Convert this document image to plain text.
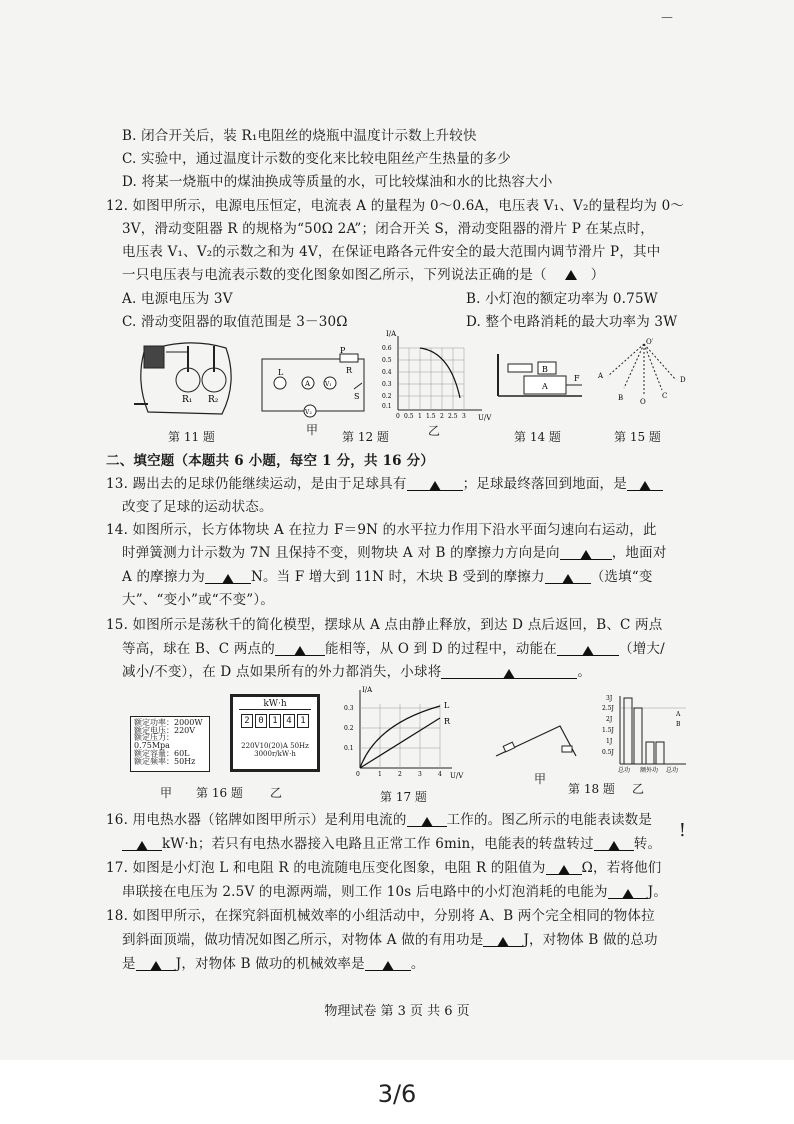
－
B. 闭合开关后，装 R₁电阻丝的烧瓶中温度计示数上升较快
C. 实验中，通过温度计示数的变化来比较电阻丝产生热量的多少
D. 将某一烧瓶中的煤油换成等质量的水，可比较煤油和水的比热容大小
12. 如图甲所示，电源电压恒定，电流表 A 的量程为 0～0.6A，电压表 V₁、V₂的量程均为 0～
3V，滑动变阻器 R 的规格为“50Ω 2A”；闭合开关 S，滑动变阻器的滑片 P 在某点时，
电压表 V₁、V₂的示数之和为 4V，在保证电路各元件安全的最大范围内调节滑片 P，其中
一只电压表与电流表示数的变化图象如图乙所示，下列说法正确的是（	）
A. 电源电压为 3V	B. 小灯泡的额定功率为 0.75W
C. 滑动变阻器的取值范围是 3－30Ω	D. 整个电路消耗的最大功率为 3W
R₁ R₂
第 11 题
L
A V₁
V₂
R
P
S
甲 第 12 题
I/A
U/V
0.6
0.5
0.4
0.3
0.2
0.1
0 0.5 1 1.5 2 2.5 3
乙
B
A
F
第 14 题
O′
A
B	C
D
O
第 15 题
二、填空题（本题共 6 小题，每空 1 分，共 16 分）
13. 踢出去的足球仍能继续运动，是由于足球具有	；足球最终落回到地面，是
改变了足球的运动状态。
14. 如图所示，长方体物块 A 在拉力 F＝9N 的水平拉力作用下沿水平面匀速向右运动，此
时弹簧测力计示数为 7N 且保持不变，则物块 A 对 B 的摩擦力方向是向	，地面对
A 的摩擦力为	N。当 F 增大到 11N 时，木块 B 受到的摩擦力	（选填“变
大”、“变小”或“不变”）。
15. 如图所示是荡秋千的简化模型，摆球从 A 点由静止释放，到达 D 点后返回，B、C 两点
等高，球在 B、C 两点的	能相等，从 O 到 D 的过程中，动能在	（增大/
减小/不变），在 D 点如果所有的外力都消失，小球将	。
额定功率：2000W
额定电压：220V
额定压力：0.75Mpa
额定容量：60L
额定频率：50Hz
kW·h
2 0 1 4 1
220V10(20)A 50Hz
3000r/kW·h
甲 第 16 题 乙
I/A
U/V
L
R
0.3
0.2
0.1
0	1	2	3	4
第 17 题
甲
第 18 题
3J
2.5J
2J
1.5J
1J
0.5J
总功 额外功 总功
A
B
乙
16. 用电热水器（铭牌如图甲所示）是利用电流的	工作的。图乙所示的电能表读数是
kW·h；若只有电热水器接入电路且正常工作 6min，电能表的转盘转过	转。
17. 如图是小灯泡 L 和电阻 R 的电流随电压变化图象，电阻 R 的阻值为	Ω，若将他们
串联接在电压为 2.5V 的电源两端，则工作 10s 后电路中的小灯泡消耗的电能为	J。
18. 如图甲所示，在探究斜面机械效率的小组活动中，分别将 A、B 两个完全相同的物体拉
到斜面顶端，做功情况如图乙所示，对物体 A 做的有用功是	J，对物体 B 做的总功
是	J，对物体 B 做功的机械效率是	。
!
物理试卷 第 3 页 共 6 页
3/6
